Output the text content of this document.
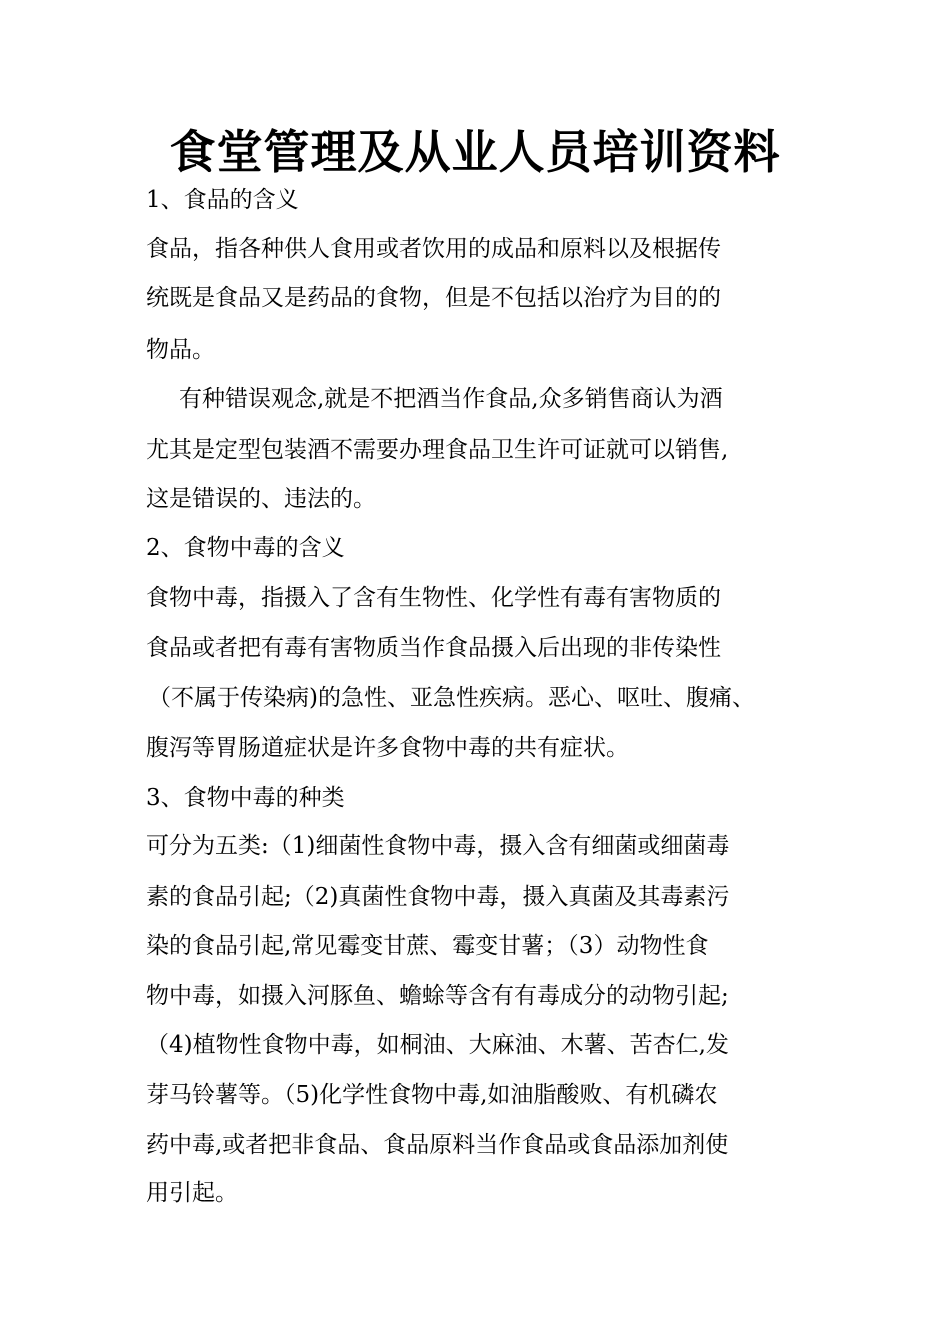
食堂管理及从业人员培训资料
1、食品的含义
食品，指各种供人食用或者饮用的成品和原料以及根据传
统既是食品又是药品的食物，但是不包括以治疗为目的的
物品。
有种错误观念,就是不把酒当作食品,众多销售商认为酒
尤其是定型包装酒不需要办理食品卫生许可证就可以销售,
这是错误的、违法的。
2、食物中毒的含义
食物中毒，指摄入了含有生物性、化学性有毒有害物质的
食品或者把有毒有害物质当作食品摄入后出现的非传染性
（不属于传染病)的急性、亚急性疾病。恶心、呕吐、腹痛、
腹泻等胃肠道症状是许多食物中毒的共有症状。
3、食物中毒的种类
可分为五类:（1)细菌性食物中毒，摄入含有细菌或细菌毒
素的食品引起;（2)真菌性食物中毒，摄入真菌及其毒素污
染的食品引起,常见霉变甘蔗、霉变甘薯；（3）动物性食
物中毒，如摄入河豚鱼、蟾蜍等含有有毒成分的动物引起;
（4)植物性食物中毒，如桐油、大麻油、木薯、苦杏仁,发
芽马铃薯等。（5)化学性食物中毒,如油脂酸败、有机磷农
药中毒,或者把非食品、食品原料当作食品或食品添加剂使
用引起。
